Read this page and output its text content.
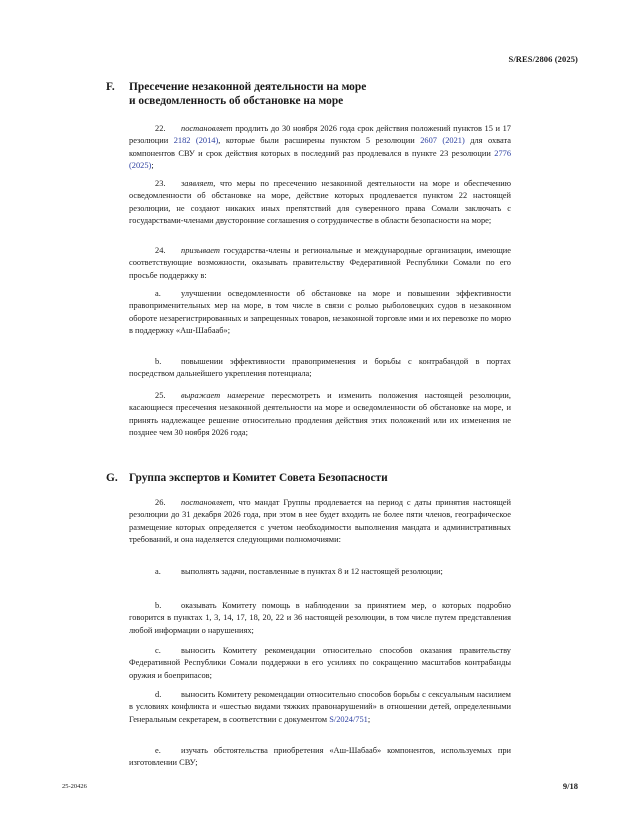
S/RES/2806 (2025)
F. Пресечение незаконной деятельности на море
и осведомленность об обстановке на море
22. постановляет продлить до 30 ноября 2026 года срок действия положений пунктов 15 и 17 резолюции 2182 (2014), которые были расширены пунктом 5 резолюции 2607 (2021) для охвата компонентов СВУ и срок действия которых в последний раз продлевался в пункте 23 резолюции 2776 (2025);
23. заявляет, что меры по пресечению незаконной деятельности на море и обеспечению осведомленности об обстановке на море, действие которых продлевается пунктом 22 настоящей резолюции, не создают никаких иных препятствий для суверенного права Сомали заключать с государствами-членами двусторонние соглашения о сотрудничестве в области безопасности на море;
24. призывает государства-члены и региональные и международные организации, имеющие соответствующие возможности, оказывать правительству Федеративной Республики Сомали по его просьбе поддержку в:
a. улучшении осведомленности об обстановке на море и повышении эффективности правоприменительных мер на море, в том числе в связи с ролью рыболовецких судов в незаконном обороте незарегистрированных и запрещенных товаров, незаконной торговле ими и их перевозке по морю в поддержку «Аш-Шабааб»;
b. повышении эффективности правоприменения и борьбы с контрабандой в портах посредством дальнейшего укрепления потенциала;
25. выражает намерение пересмотреть и изменить положения настоящей резолюции, касающиеся пресечения незаконной деятельности на море и осведомленности об обстановке на море, и принять надлежащее решение относительно продления действия этих положений или их изменения не позднее чем 30 ноября 2026 года;
G. Группа экспертов и Комитет Совета Безопасности
26. постановляет, что мандат Группы продлевается на период с даты принятия настоящей резолюции до 31 декабря 2026 года, при этом в нее будет входить не более пяти членов, географическое размещение которых определяется с учетом необходимости выполнения мандата и административных требований, и она наделяется следующими полномочиями:
a. выполнять задачи, поставленные в пунктах 8 и 12 настоящей резолюции;
b. оказывать Комитету помощь в наблюдении за принятием мер, о которых подробно говорится в пунктах 1, 3, 14, 17, 18, 20, 22 и 36 настоящей резолюции, в том числе путем представления любой информации о нарушениях;
c. выносить Комитету рекомендации относительно способов оказания правительству Федеративной Республики Сомали поддержки в его усилиях по сокращению масштабов контрабанды оружия и боеприпасов;
d. выносить Комитету рекомендации относительно способов борьбы с сексуальным насилием в условиях конфликта и «шестью видами тяжких правонарушений» в отношении детей, определенными Генеральным секретарем, в соответствии с документом S/2024/751;
e. изучать обстоятельства приобретения «Аш-Шабааб» компонентов, используемых при изготовлении СВУ;
25-20426	9/18
